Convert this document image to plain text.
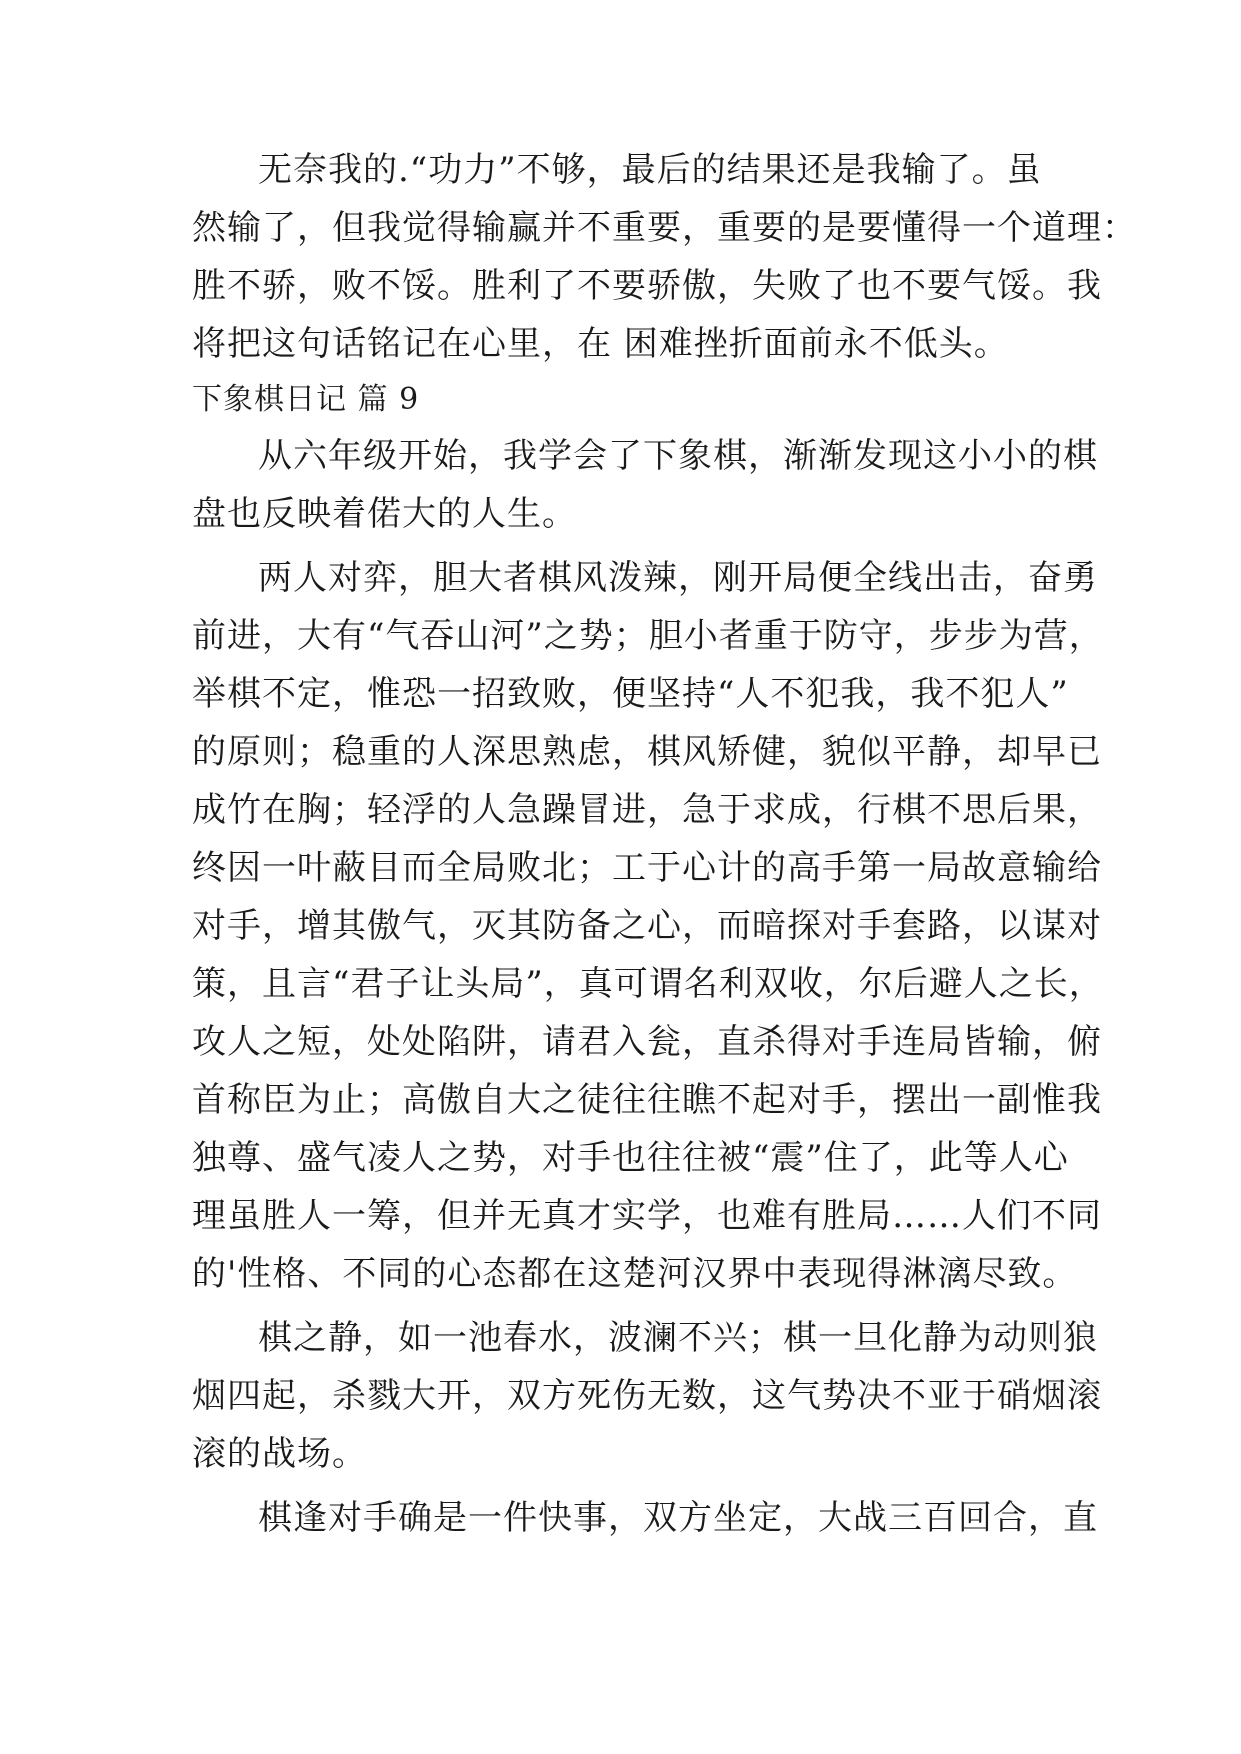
无奈我的.“功力”不够，最后的结果还是我输了。虽
然输了，但我觉得输赢并不重要，重要的是要懂得一个道理：
胜不骄，败不馁。胜利了不要骄傲，失败了也不要气馁。我
将把这句话铭记在心里，在 困难挫折面前永不低头。
下象棋日记 篇 9
从六年级开始，我学会了下象棋，渐渐发现这小小的棋
盘也反映着偌大的人生。
两人对弈，胆大者棋风泼辣，刚开局便全线出击，奋勇
前进，大有“气吞山河”之势；胆小者重于防守，步步为营，
举棋不定，惟恐一招致败，便坚持“人不犯我，我不犯人”
的原则；稳重的人深思熟虑，棋风矫健，貌似平静，却早已
成竹在胸；轻浮的人急躁冒进，急于求成，行棋不思后果，
终因一叶蔽目而全局败北；工于心计的高手第一局故意输给
对手，增其傲气，灭其防备之心，而暗探对手套路，以谋对
策，且言“君子让头局”，真可谓名利双收，尔后避人之长，
攻人之短，处处陷阱，请君入瓮，直杀得对手连局皆输，俯
首称臣为止；高傲自大之徒往往瞧不起对手，摆出一副惟我
独尊、盛气凌人之势，对手也往往被“震”住了，此等人心
理虽胜人一筹，但并无真才实学，也难有胜局……人们不同
的'性格、不同的心态都在这楚河汉界中表现得淋漓尽致。
棋之静，如一池春水，波澜不兴；棋一旦化静为动则狼
烟四起，杀戮大开，双方死伤无数，这气势决不亚于硝烟滚
滚的战场。
棋逢对手确是一件快事，双方坐定，大战三百回合，直
